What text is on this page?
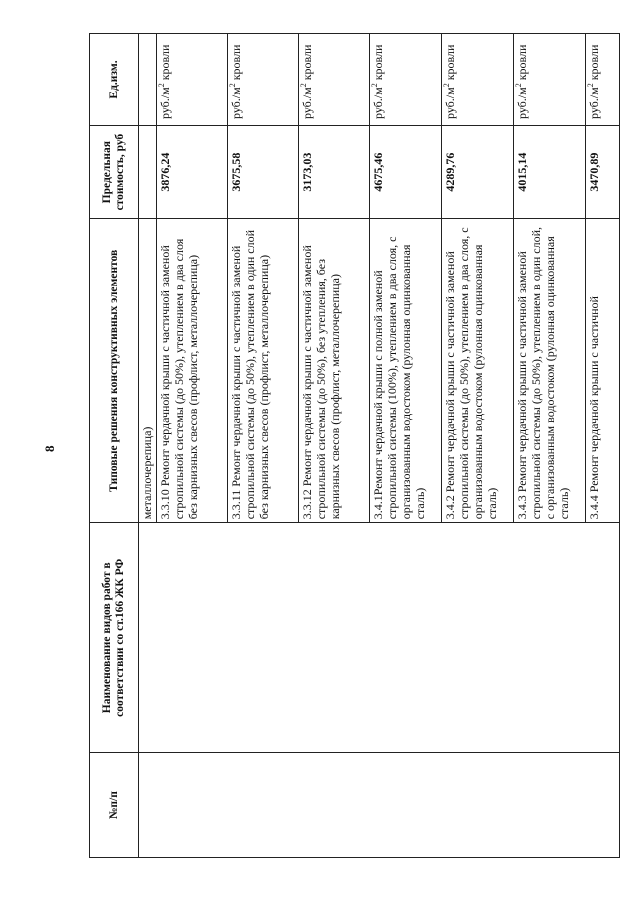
8
№п/п	Наименование видов работ в соответствии со ст.166 ЖК РФ	Типовые решения конструктивных элементов	Предельная стоимость, руб	Ед.изм.
		металлочерепица)		
		3.3.10 Ремонт чердачной крыши с частичной заменой стропильной системы (до 50%), утеплением в два слоя без карнизных свесов (профлист, металлочерепица)	3876,24	$руб./м^2$ кровли
		3.3.11 Ремонт чердачной крыши с частичной заменой стропильной системы (до 50%), утеплением в один слой без карнизных свесов (профлист, металлочерепица)	3675,58	$руб./м^2$ кровли
		3.3.12 Ремонт чердачной крыши с частичной заменой стропильной системы (до 50%), без утепления, без карнизных свесов (профлист, металлочерепица)	3173,03	$руб./м^2$ кровли
		3.4.1Ремонт чердачной крыши с полной заменой стропильной системы (100%), утеплением в два слоя, с организованным водостоком (рулонная оцинкованная сталь)	4675,46	$руб./м^2$ кровли
		3.4.2 Ремонт чердачной крыши с частичной заменой стропильной системы (до 50%), утеплением в два слоя, с организованным водостоком (рулонная оцинкованная сталь)	4289,76	$руб./м^2$ кровли
		3.4.3 Ремонт чердачной крыши с частичной заменой стропильной системы (до 50%), утеплением в один слой, с организованным водостоком (рулонная оцинкованная сталь)	4015,14	$руб./м^2$ кровли
		3.4.4 Ремонт чердачной крыши с частичной	3470,89	$руб./м^2$ кровли
